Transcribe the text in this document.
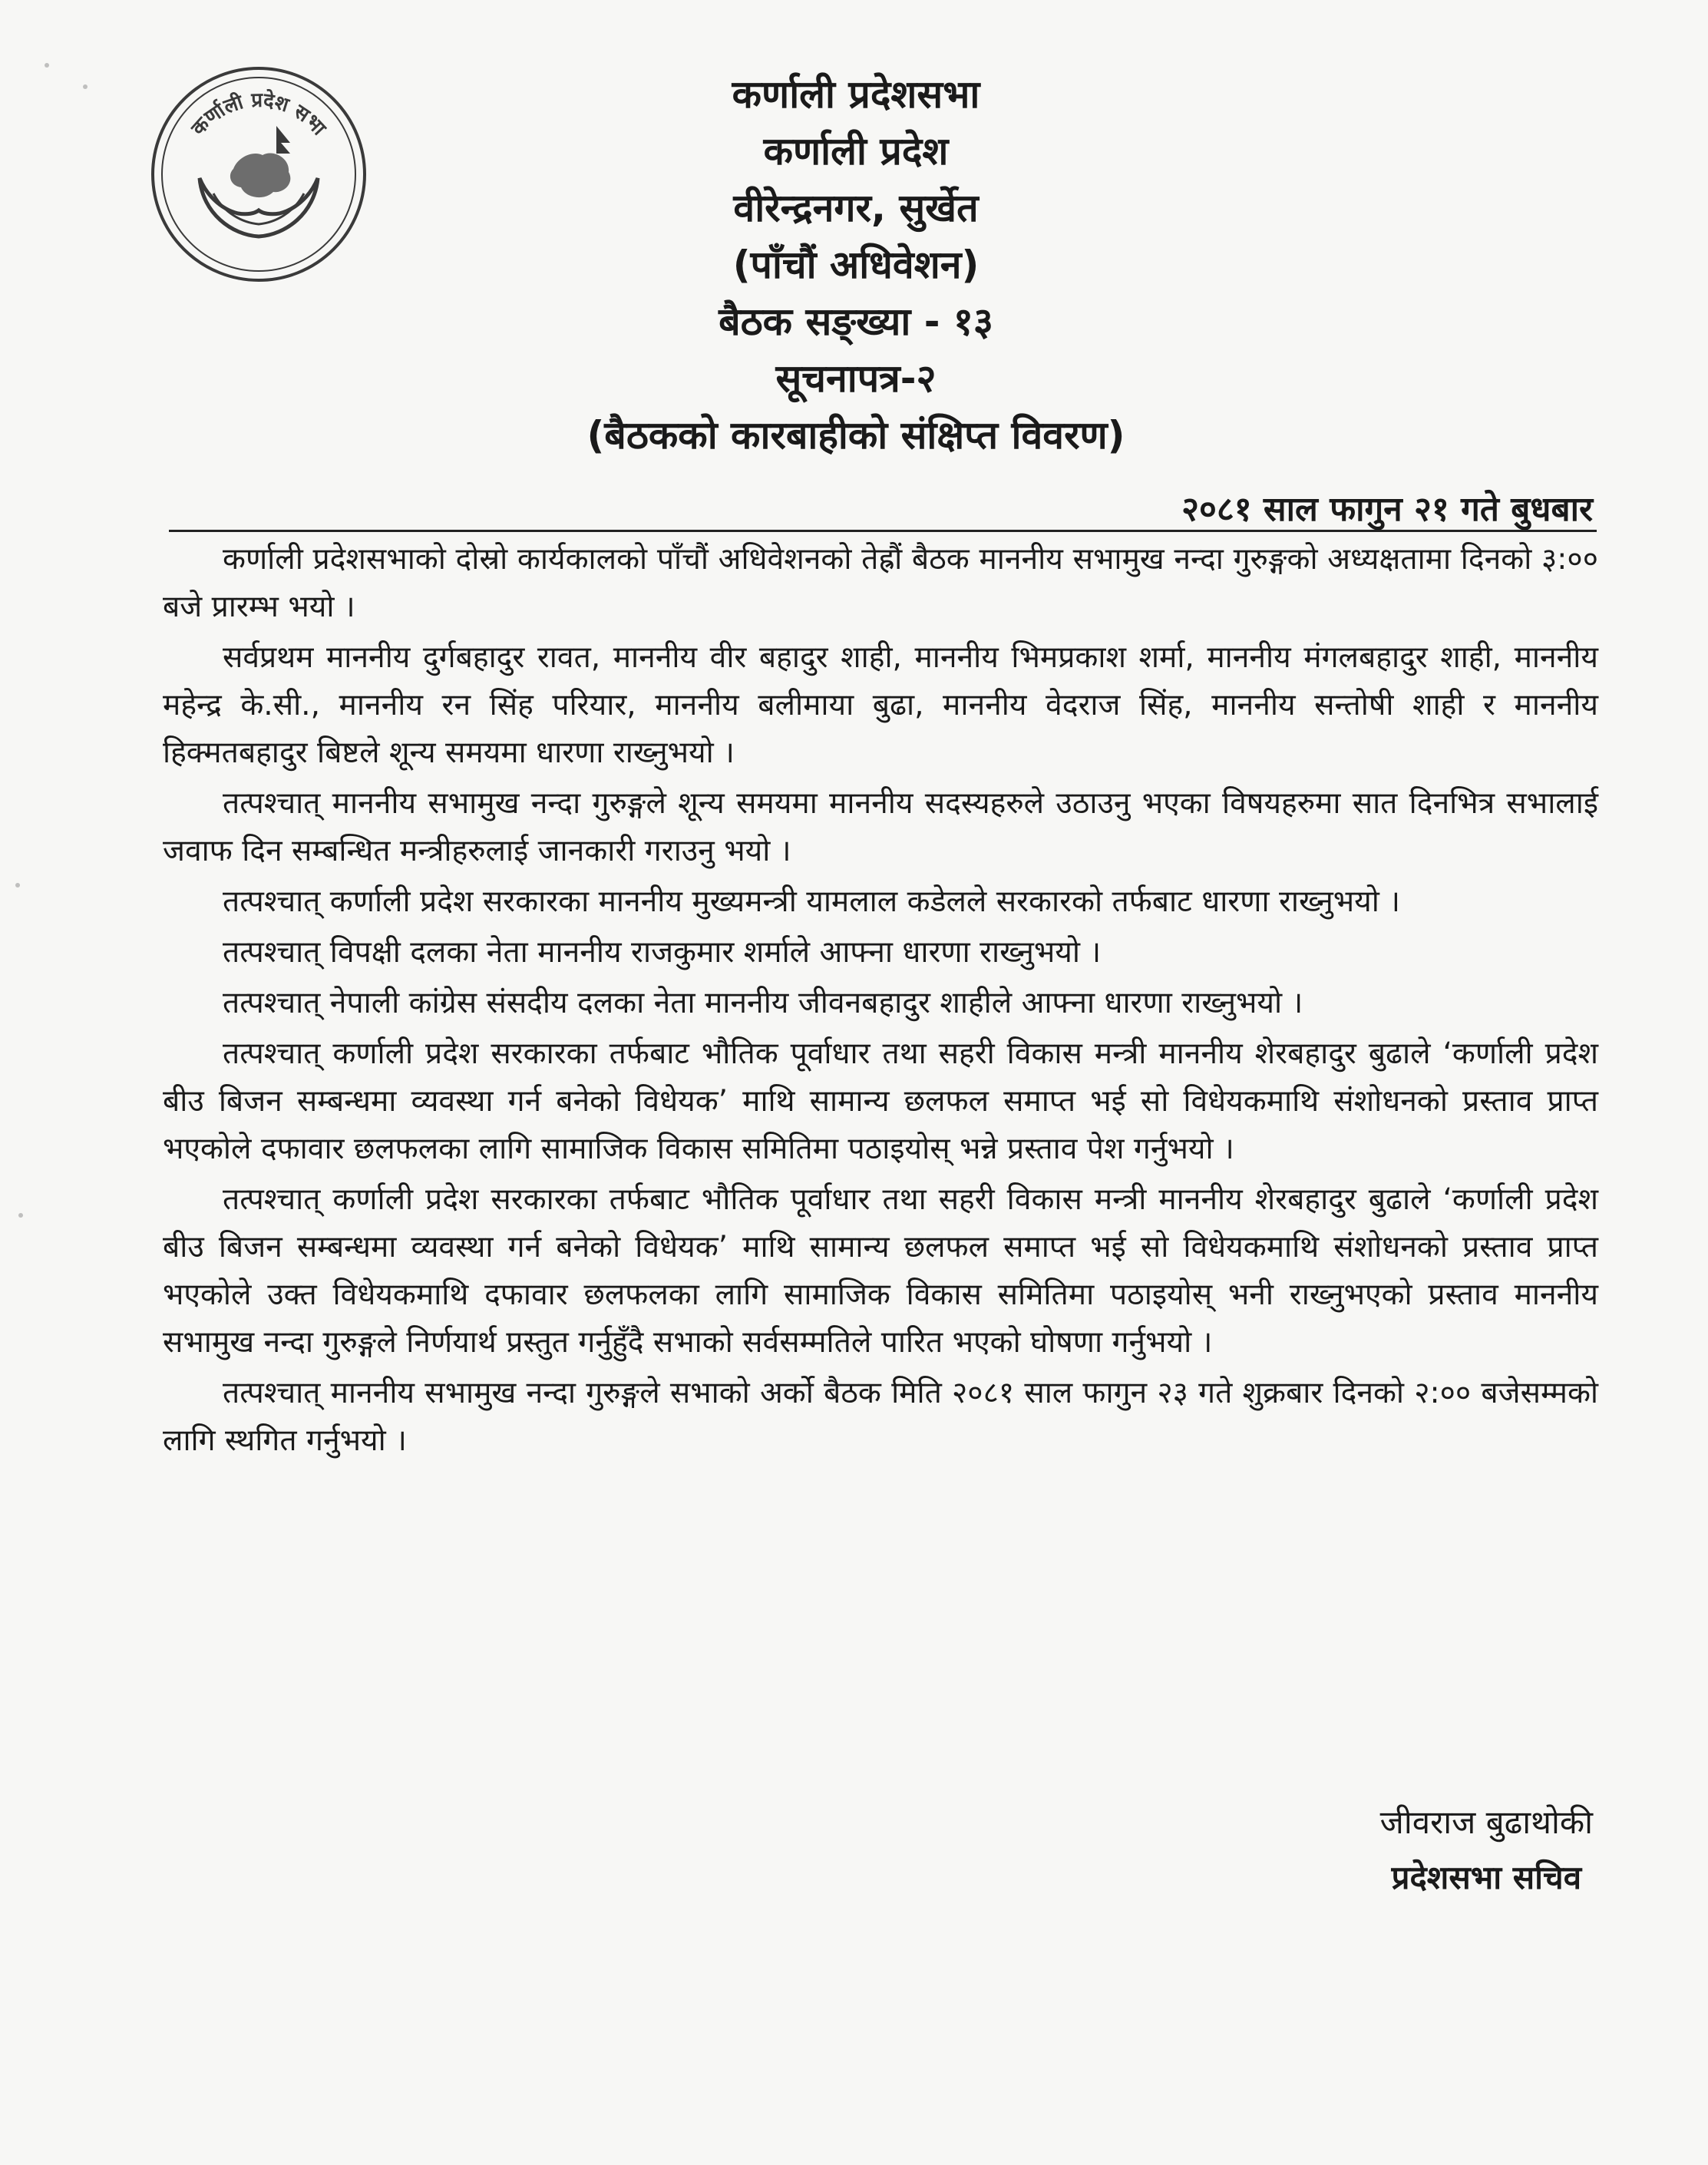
कर्णाली प्रदेश सभा
कर्णाली प्रदेशसभा
कर्णाली प्रदेश
वीरेन्द्रनगर, सुर्खेत
(पाँचौं अधिवेशन)
बैठक सङ्ख्या - १३
सूचनापत्र-२
(बैठकको कारबाहीको संक्षिप्त विवरण)
२०८१ साल फागुन २१ गते बुधबार

कर्णाली प्रदेशसभाको दोस्रो कार्यकालको पाँचौं अधिवेशनको तेह्रौं बैठक माननीय सभामुख नन्दा गुरुङ्गको अध्यक्षतामा दिनको ३:०० बजे प्रारम्भ भयो ।

सर्वप्रथम माननीय दुर्गबहादुर रावत, माननीय वीर बहादुर शाही, माननीय भिमप्रकाश शर्मा, माननीय मंगलबहादुर शाही, माननीय महेन्द्र के.सी., माननीय रन सिंह परियार, माननीय बलीमाया बुढा, माननीय वेदराज सिंह, माननीय सन्तोषी शाही र माननीय हिक्मतबहादुर बिष्टले शून्य समयमा धारणा राख्नुभयो ।

तत्पश्चात् माननीय सभामुख नन्दा गुरुङ्गले शून्य समयमा माननीय सदस्यहरुले उठाउनु भएका विषयहरुमा सात दिनभित्र सभालाई जवाफ दिन सम्बन्धित मन्त्रीहरुलाई जानकारी गराउनु भयो ।

तत्पश्चात् कर्णाली प्रदेश सरकारका माननीय मुख्यमन्त्री यामलाल कडेलले सरकारको तर्फबाट धारणा राख्नुभयो ।

तत्पश्चात् विपक्षी दलका नेता माननीय राजकुमार शर्माले आफ्ना धारणा राख्नुभयो ।

तत्पश्चात् नेपाली कांग्रेस संसदीय दलका नेता माननीय जीवनबहादुर शाहीले आफ्ना धारणा राख्नुभयो ।

तत्पश्चात् कर्णाली प्रदेश सरकारका तर्फबाट भौतिक पूर्वाधार तथा सहरी विकास मन्त्री माननीय शेरबहादुर बुढाले ‘कर्णाली प्रदेश बीउ बिजन सम्बन्धमा व्यवस्था गर्न बनेको विधेयक’ माथि सामान्य छलफल समाप्त भई सो विधेयकमाथि संशोधनको प्रस्ताव प्राप्त भएकोले दफावार छलफलका लागि सामाजिक विकास समितिमा पठाइयोस् भन्ने प्रस्ताव पेश गर्नुभयो ।

तत्पश्चात् कर्णाली प्रदेश सरकारका तर्फबाट भौतिक पूर्वाधार तथा सहरी विकास मन्त्री माननीय शेरबहादुर बुढाले ‘कर्णाली प्रदेश बीउ बिजन सम्बन्धमा व्यवस्था गर्न बनेको विधेयक’ माथि सामान्य छलफल समाप्त भई सो विधेयकमाथि संशोधनको प्रस्ताव प्राप्त भएकोले उक्त विधेयकमाथि दफावार छलफलका लागि सामाजिक विकास समितिमा पठाइयोस् भनी राख्नुभएको प्रस्ताव माननीय सभामुख नन्दा गुरुङ्गले निर्णयार्थ प्रस्तुत गर्नुहुँदै सभाको सर्वसम्मतिले पारित भएको घोषणा गर्नुभयो ।

तत्पश्चात् माननीय सभामुख नन्दा गुरुङ्गले सभाको अर्को बैठक मिति २०८१ साल फागुन २३ गते शुक्रबार दिनको २:०० बजेसम्मको लागि स्थगित गर्नुभयो ।

जीवराज बुढाथोकी
प्रदेशसभा सचिव
